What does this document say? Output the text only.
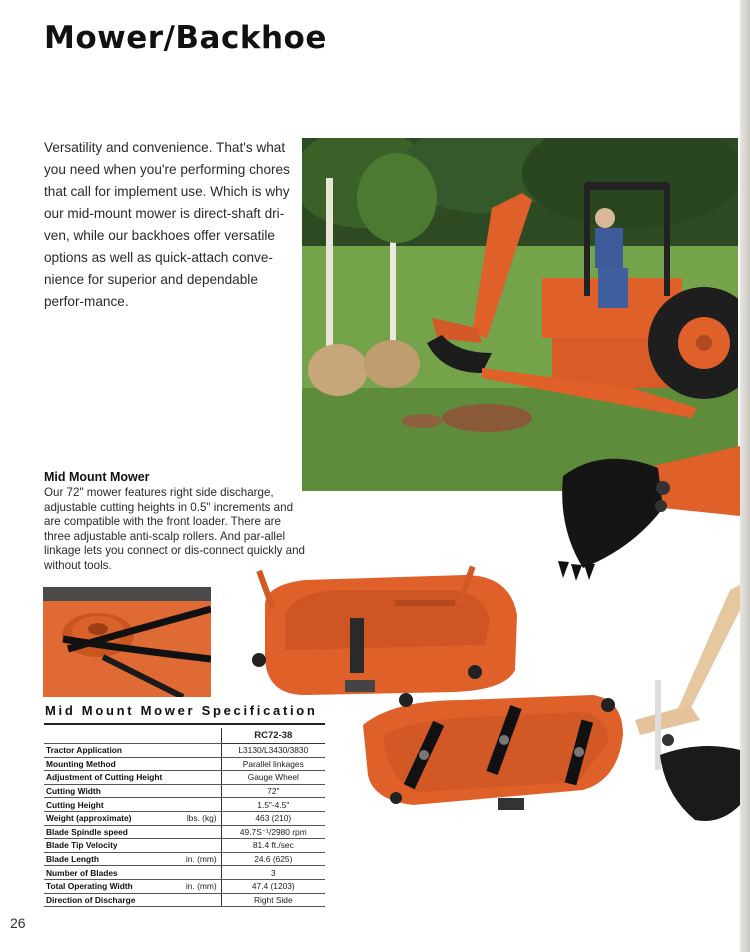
Mower/Backhoe
Versatility and convenience. That's what you need when you're performing chores that call for implement use. Which is why our mid-mount mower is direct-shaft dri-ven, while our backhoes offer versatile options as well as quick-attach conve-nience for superior and dependable perfor-mance.
Mid Mount Mower
Our 72" mower features right side discharge, adjustable cutting heights in 0.5" increments and are compatible with the front loader. There are three adjustable anti-scalp rollers. And par-allel linkage lets you connect or dis-connect quickly and without tools.
Mid Mount Mower Specification
		RC72-38
Tractor Application		L3130/L3430/3830
Mounting Method		Parallel linkages
Adjustment of Cutting Height		Gauge Wheel
Cutting Width		72"
Cutting Height		1.5"-4.5"
Weight (approximate)	lbs. (kg)	463 (210)
Blade Spindle speed		49.7S⁻¹/2980 rpm
Blade Tip Velocity		81.4 ft./sec
Blade Length	in. (mm)	24.6 (625)
Number of Blades		3
Total Operating Width	in. (mm)	47.4 (1203)
Direction of Discharge		Right Side
26
